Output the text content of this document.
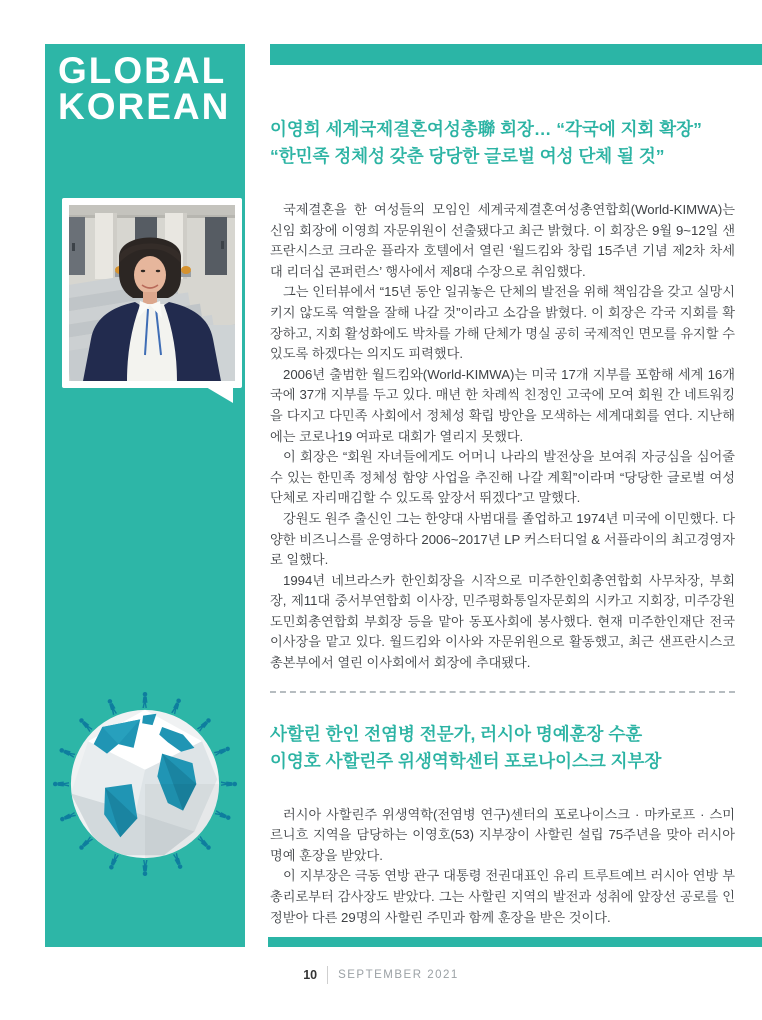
GLOBAL
KOREAN
이영희 세계국제결혼여성총聯 회장… “각국에 지회 확장”
“한민족 정체성 갖춘 당당한 글로벌 여성 단체 될 것”

국제결혼을 한 여성들의 모임인 세계국제결혼여성총연합회(World-KIMWA)는 신임 회장에 이영희 자문위원이 선출됐다고 최근 밝혔다. 이 회장은 9월 9~12일 샌프란시스코 크라운 플라자 호텔에서 열린 ‘월드킴와 창립 15주년 기념 제2차 차세대 리더십 콘퍼런스’ 행사에서 제8대 수장으로 취임했다.

그는 인터뷰에서 “15년 동안 일궈놓은 단체의 발전을 위해 책임감을 갖고 실망시키지 않도록 역할을 잘해 나갈 것”이라고 소감을 밝혔다. 이 회장은 각국 지회를 확장하고, 지회 활성화에도 박차를 가해 단체가 명실 공히 국제적인 면모를 유지할 수 있도록 하겠다는 의지도 피력했다.

2006년 출범한 월드킴와(World-KIMWA)는 미국 17개 지부를 포함해 세계 16개국에 37개 지부를 두고 있다. 매년 한 차례씩 친정인 고국에 모여 회원 간 네트워킹을 다지고 다민족 사회에서 정체성 확립 방안을 모색하는 세계대회를 연다. 지난해에는 코로나19 여파로 대회가 열리지 못했다.

이 회장은 “회원 자녀들에게도 어머니 나라의 발전상을 보여줘 자긍심을 심어줄 수 있는 한민족 정체성 함양 사업을 추진해 나갈 계획”이라며 “당당한 글로벌 여성 단체로 자리매김할 수 있도록 앞장서 뛰겠다”고 말했다.

강원도 원주 출신인 그는 한양대 사범대를 졸업하고 1974년 미국에 이민했다. 다양한 비즈니스를 운영하다 2006~2017년 LP 커스터디얼 & 서플라이의 최고경영자로 일했다.

1994년 네브라스카 한인회장을 시작으로 미주한인회총연합회 사무차장, 부회장, 제11대 중서부연합회 이사장, 민주평화통일자문회의 시카고 지회장, 미주강원도민회총연합회 부회장 등을 맡아 동포사회에 봉사했다. 현재 미주한인재단 전국 이사장을 맡고 있다. 월드킴와 이사와 자문위원으로 활동했고, 최근 샌프란시스코 총본부에서 열린 이사회에서 회장에 추대됐다.

사할린 한인 전염병 전문가, 러시아 명예훈장 수훈
이영호 사할린주 위생역학센터 포로나이스크 지부장

러시아 사할린주 위생역학(전염병 연구)센터의 포로나이스크 · 마카로프 · 스미르니흐 지역을 담당하는 이영호(53) 지부장이 사할린 설립 75주년을 맞아 러시아 명예 훈장을 받았다.

이 지부장은 극동 연방 관구 대통령 전권대표인 유리 트루트예브 러시아 연방 부총리로부터 감사장도 받았다. 그는 사할린 지역의 발전과 성취에 앞장선 공로를 인정받아 다른 29명의 사할린 주민과 함께 훈장을 받은 것이다.

10 SEPTEMBER 2021
